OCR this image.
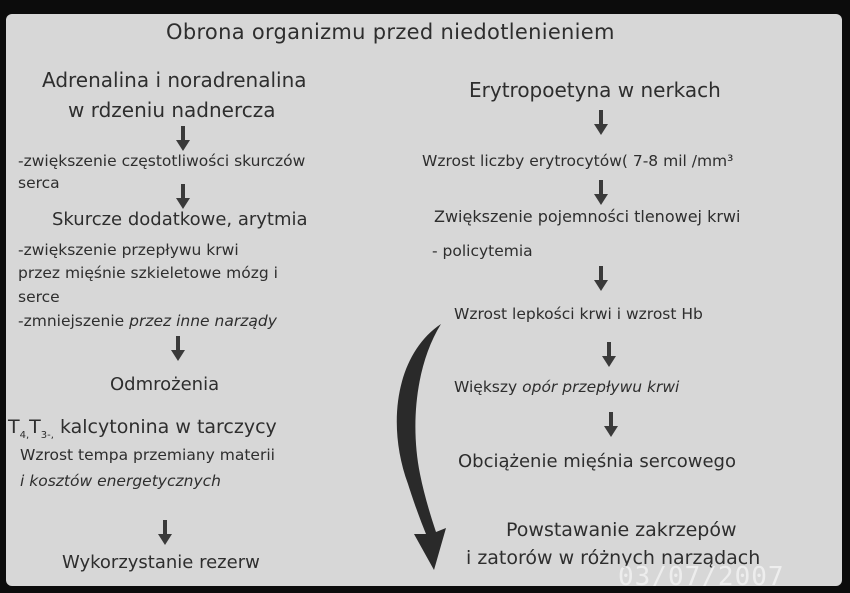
Obrona organizmu przed niedotlenieniem
Adrenalina i noradrenalina
w rdzeniu nadnercza
-zwiększenie częstotliwości skurczów
serca
Skurcze dodatkowe, arytmia
-zwiększenie przepływu krwi
przez mięśnie szkieletowe mózg i
serce
-zmniejszenie przez inne narządy
Odmrożenia
$T_{4,}T_{3-,}$ kalcytonina w tarczycy
Wzrost tempa przemiany materii
i kosztów energetycznych
Wykorzystanie rezerw
Erytropoetyna w nerkach
Wzrost liczby erytrocytów( 7-8 mil /mm³
Zwiększenie pojemności tlenowej krwi
- policytemia
Wzrost lepkości krwi i wzrost Hb
Większy opór przepływu krwi
Obciążenie mięśnia sercowego
Powstawanie zakrzepów
i zatorów w różnych narządach
03/07/2007
